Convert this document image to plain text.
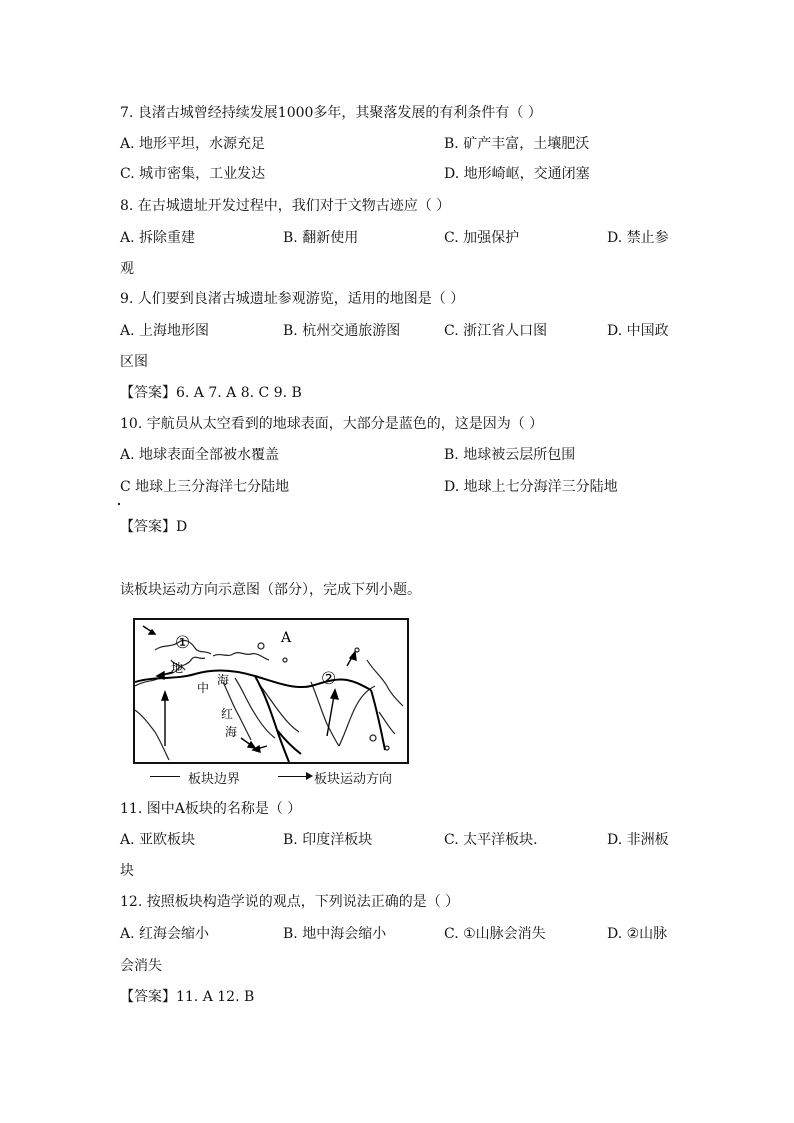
7. 良渚古城曾经持续发展1000多年，其聚落发展的有利条件有（ ）
A. 地形平坦，水源充足	B. 矿产丰富，土壤肥沃
C. 城市密集，工业发达	D. 地形崎岖，交通闭塞
8. 在古城遗址开发过程中，我们对于文物古迹应（ ）
A. 拆除重建	B. 翻新使用	C. 加强保护	D. 禁止参
观
9. 人们要到良渚古城遗址参观游览，适用的地图是（ ）
A. 上海地形图	B. 杭州交通旅游图	C. 浙江省人口图	D. 中国政
区图
【答案】6. A 7. A 8. C 9. B
10. 宇航员从太空看到的地球表面，大部分是蓝色的，这是因为（ ）
A. 地球表面全部被水覆盖	B. 地球被云层所包围
C 地球上三分海洋七分陆地	D. 地球上七分海洋三分陆地
【答案】D
读板块运动方向示意图（部分），完成下列小题。
A
①
②
地
中
海
红
海
板块边界	板块运动方向
11. 图中A板块的名称是（ ）
A. 亚欧板块	B. 印度洋板块	C. 太平洋板块.	D. 非洲板
块
12. 按照板块构造学说的观点，下列说法正确的是（ ）
A. 红海会缩小	B. 地中海会缩小	C. ①山脉会消失	D. ②山脉
会消失
【答案】11. A 12. B
